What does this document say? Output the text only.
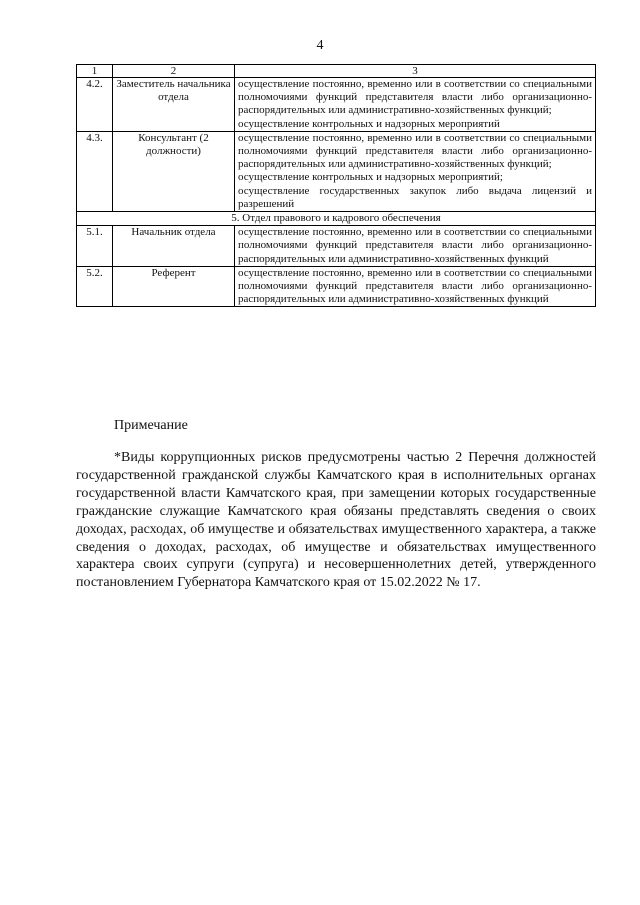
4
1	2	3
4.2.	Заместитель начальника отдела	осуществление постоянно, временно или в соответствии со специальными полномочиями функций представителя власти либо организационно-распорядительных или административно-хозяйственных функций;
осуществление контрольных и надзорных мероприятий

4.3.	Консультант (2 должности)	осуществление постоянно, временно или в соответствии со специальными полномочиями функций представителя власти либо организационно-распорядительных или административно-хозяйственных функций;
осуществление контрольных и надзорных мероприятий;
осуществление государственных закупок либо выдача лицензий и разрешений

5. Отдел правового и кадрового обеспечения		
5.1.	Начальник отдела	осуществление постоянно, временно или в соответствии со специальными полномочиями функций представителя власти либо организационно-распорядительных или административно-хозяйственных функций

5.2.	Референт	осуществление постоянно, временно или в соответствии со специальными полномочиями функций представителя власти либо организационно-распорядительных или административно-хозяйственных функций
Примечание
*Виды коррупционных рисков предусмотрены частью 2 Перечня должностей государственной гражданской службы Камчатского края в исполнительных органах государственной власти Камчатского края, при замещении которых государственные гражданские служащие Камчатского края обязаны представлять сведения о своих доходах, расходах, об имуществе и обязательствах имущественного характера, а также сведения о доходах, расходах, об имуществе и обязательствах имущественного характера своих супруги (супруга) и несовершеннолетних детей, утвержденного постановлением Губернатора Камчатского края от 15.02.2022 № 17.
